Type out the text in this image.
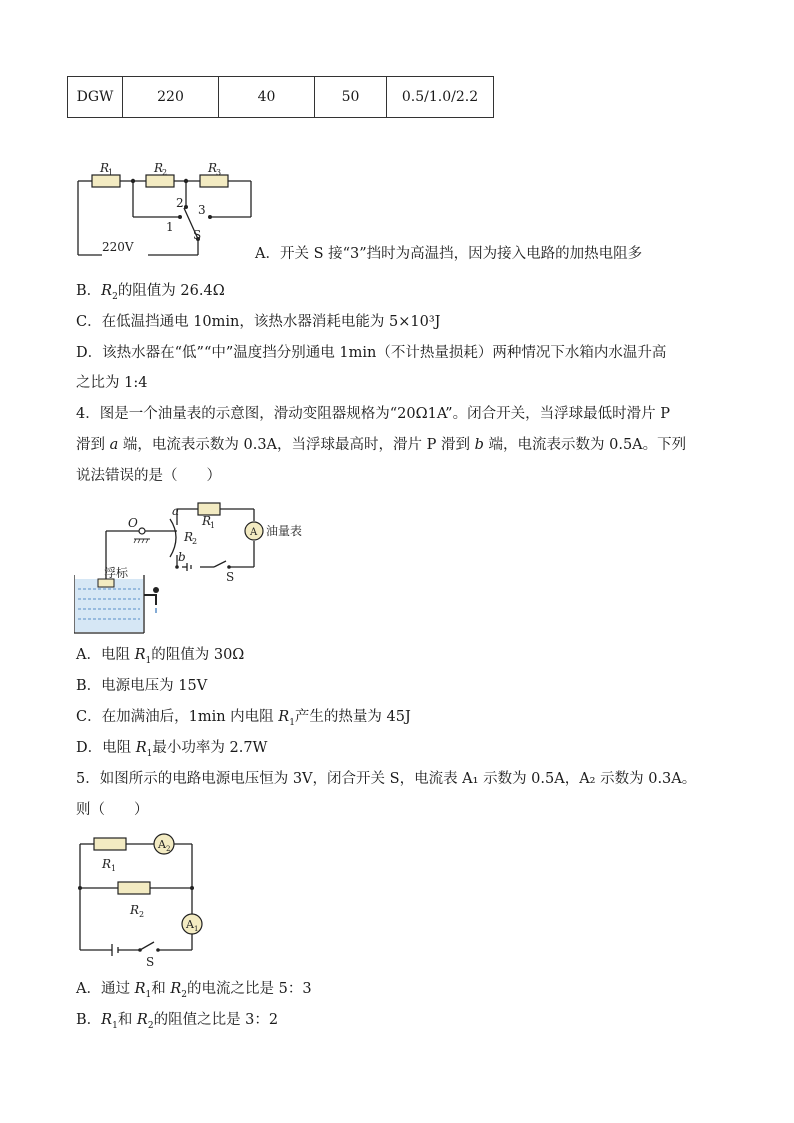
DGW	220	40	50	0.5/1.0/2.2
R
1	R
2	R
3
2 3
1
S
220V	A．开关 S 接“3”挡时为高温挡，因为接入电路的加热电阻多
B．$R_2$的阻值为 26.4Ω
C．在低温挡通电 10min，该热水器消耗电能为 5×10³J
D．该热水器在“低”“中”温度挡分别通电 1min（不计热量损耗）两种情况下水箱内水温升高
之比为 1:4
4．图是一个油量表的示意图，滑动变阻器规格为“20Ω1A”。闭合开关，当浮球最低时滑片 P
滑到 a 端，电流表示数为 0.3A，当浮球最高时，滑片 P 滑到 b 端，电流表示数为 0.5A。下列
说法错误的是（　　）
O
a
b
R
1
R
2
A 油量表
浮标	S
A．电阻 $R_1$的阻值为 30Ω
B．电源电压为 15V
C．在加满油后，1min 内电阻 $R_1$产生的热量为 45J
D．电阻 $R_1$最小功率为 2.7W
5．如图所示的电路电源电压恒为 3V，闭合开关 S，电流表 A₁ 示数为 0.5A，A₂ 示数为 0.3A。
则（　　）
R 1
R 2
A 2
A 1
S
A．通过 $R_1$和 $R_2$的电流之比是 5：3
B．$R_1$和 $R_2$的阻值之比是 3：2
